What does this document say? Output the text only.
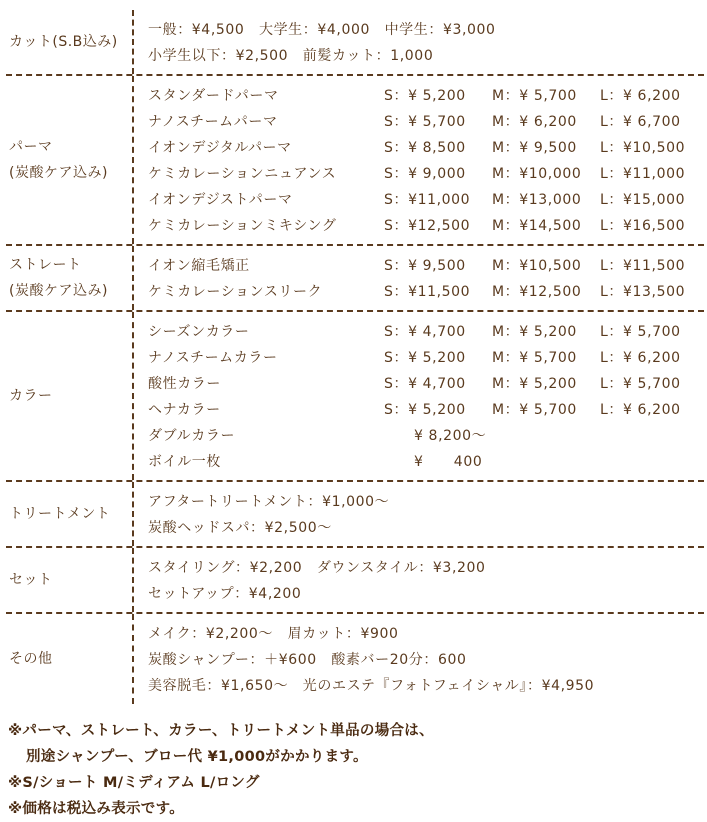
カット(S.B込み)
一般：¥4,500　大学生：¥4,000　中学生：¥3,000
小学生以下：¥2,500　前髪カット：1,000
パーマ
(炭酸ケア込み)
スタンダードパーマ	S：¥ 5,200 M：¥ 5,700 L：¥ 6,200
ナノスチームパーマ	S：¥ 5,700 M：¥ 6,200 L：¥ 6,700
イオンデジタルパーマ	S：¥ 8,500 M：¥ 9,500 L：¥10,500
ケミカレーションニュアンス	S：¥ 9,000 M：¥10,000 L：¥11,000
イオンデジストパーマ	S：¥11,000 M：¥13,000 L：¥15,000
ケミカレーションミキシング	S：¥12,500 M：¥14,500 L：¥16,500
ストレート
(炭酸ケア込み)
イオン縮毛矯正	S：¥ 9,500 M：¥10,500 L：¥11,500
ケミカレーションスリーク	S：¥11,500 M：¥12,500 L：¥13,500
カラー
シーズンカラー	S：¥ 4,700 M：¥ 5,200 L：¥ 5,700
ナノスチームカラー	S：¥ 5,200 M：¥ 5,700 L：¥ 6,200
酸性カラー	S：¥ 4,700 M：¥ 5,200 L：¥ 5,700
ヘナカラー	S：¥ 5,200 M：¥ 5,700 L：¥ 6,200
ダブルカラー	¥ 8,200〜
ボイル一枚	¥      400
トリートメント
アフタートリートメント：¥1,000〜
炭酸ヘッドスパ：¥2,500〜
セット
スタイリング：¥2,200　ダウンスタイル：¥3,200
セットアップ：¥4,200
その他
メイク：¥2,200〜　眉カット：¥900
炭酸シャンプー：＋¥600　酸素バー20分：600
美容脱毛：¥1,650〜　光のエステ『フォトフェイシャル』：¥4,950
※パーマ、ストレート、カラー、トリートメント単品の場合は、
別途シャンプー、ブロー代 ¥1,000がかかります。
※S/ショート M/ミディアム L/ロング
※価格は税込み表示です。
